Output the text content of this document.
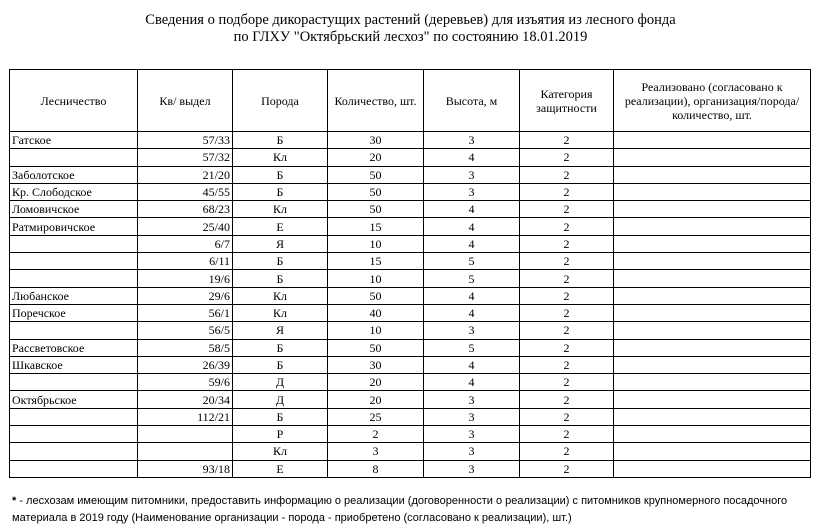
Сведения о подборе дикорастущих растений (деревьев) для изъятия из лесного фонда
по ГЛХУ "Октябрьский лесхоз" по состоянию 18.01.2019
Лесничество	Кв/ выдел	Порода	Количество, шт.	Высота, м	Категория защитности	Реализовано (согласовано к реализации), организация/порода/количество, шт.
Гатское	57/33	Б	30	3	2	
	57/32	Кл	20	4	2	
Заболотское	21/20	Б	50	3	2	
Кр. Слободское	45/55	Б	50	3	2	
Ломовичское	68/23	Кл	50	4	2	
Ратмировичское	25/40	Е	15	4	2	
	6/7	Я	10	4	2	
	6/11	Б	15	5	2	
	19/6	Б	10	5	2	
Любанское	29/6	Кл	50	4	2	
Поречское	56/1	Кл	40	4	2	
	56/5	Я	10	3	2	
Рассветовское	58/5	Б	50	5	2	
Шкавское	26/39	Б	30	4	2	
	59/6	Д	20	4	2	
Октябрьское	20/34	Д	20	3	2	
	112/21	Б	25	3	2	
		Р	2	3	2	
		Кл	3	3	2	
	93/18	Е	8	3	2	
* - лесхозам имеющим питомники, предоставить информацию о реализации (договоренности о реализации) с питомников крупномерного посадочного материала в 2019 году (Наименование организации - порода - приобретено (согласовано к реализации), шт.)
